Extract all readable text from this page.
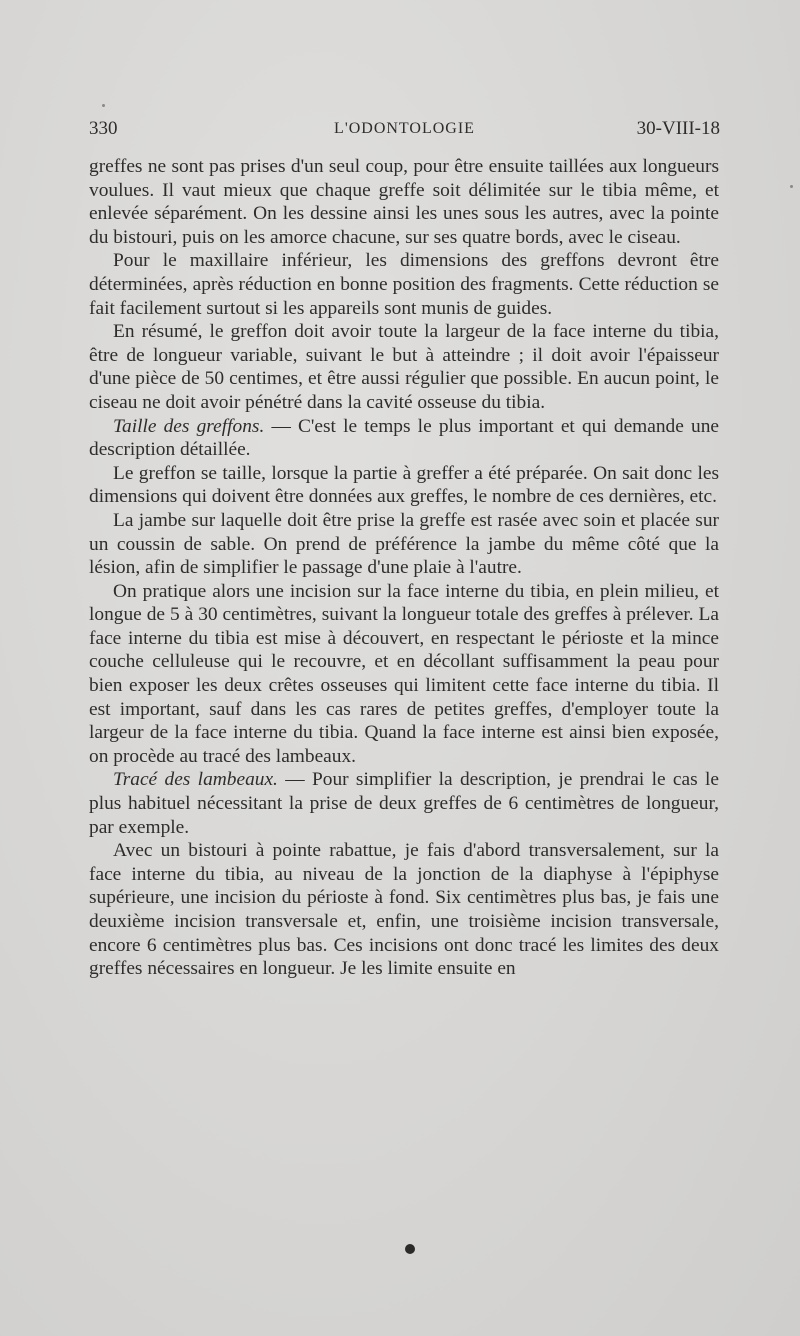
330	L'ODONTOLOGIE	30-VIII-18

greffes ne sont pas prises d'un seul coup, pour être ensuite taillées aux longueurs voulues. Il vaut mieux que chaque greffe soit délimitée sur le tibia même, et enlevée séparément. On les dessine ainsi les unes sous les autres, avec la pointe du bistouri, puis on les amorce chacune, sur ses quatre bords, avec le ciseau.

Pour le maxillaire inférieur, les dimensions des greffons devront être déterminées, après réduction en bonne position des fragments. Cette réduction se fait facilement surtout si les appareils sont munis de guides.

En résumé, le greffon doit avoir toute la largeur de la face interne du tibia, être de longueur variable, suivant le but à atteindre ; il doit avoir l'épaisseur d'une pièce de 50 centimes, et être aussi régulier que possible. En aucun point, le ciseau ne doit avoir pénétré dans la cavité osseuse du tibia.

Taille des greffons. — C'est le temps le plus important et qui demande une description détaillée.

Le greffon se taille, lorsque la partie à greffer a été préparée. On sait donc les dimensions qui doivent être données aux greffes, le nombre de ces dernières, etc.

La jambe sur laquelle doit être prise la greffe est rasée avec soin et placée sur un coussin de sable. On prend de préférence la jambe du même côté que la lésion, afin de simplifier le passage d'une plaie à l'autre.

On pratique alors une incision sur la face interne du tibia, en plein milieu, et longue de 5 à 30 centimètres, suivant la longueur totale des greffes à prélever. La face interne du tibia est mise à découvert, en respectant le périoste et la mince couche celluleuse qui le recouvre, et en décollant suffisamment la peau pour bien exposer les deux crêtes osseuses qui limitent cette face interne du tibia. Il est important, sauf dans les cas rares de petites greffes, d'employer toute la largeur de la face interne du tibia. Quand la face interne est ainsi bien exposée, on procède au tracé des lambeaux.

Tracé des lambeaux. — Pour simplifier la description, je prendrai le cas le plus habituel nécessitant la prise de deux greffes de 6 centimètres de longueur, par exemple.

Avec un bistouri à pointe rabattue, je fais d'abord transversalement, sur la face interne du tibia, au niveau de la jonction de la diaphyse à l'épiphyse supérieure, une incision du périoste à fond. Six centimètres plus bas, je fais une deuxième incision transversale et, enfin, une troisième incision transversale, encore 6 centimètres plus bas. Ces incisions ont donc tracé les limites des deux greffes nécessaires en longueur. Je les limite ensuite en
